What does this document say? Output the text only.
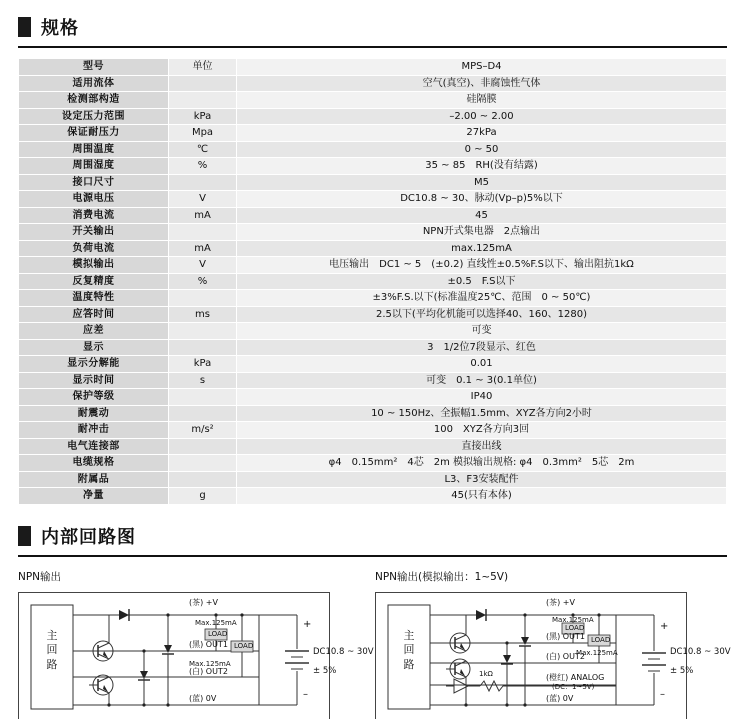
规格
型号	单位	MPS–D4
适用流体		空气(真空)、非腐蚀性气体
检测部构造		硅隔膜
设定压力范围	kPa	–2.00 ~ 2.00
保证耐压力	Mpa	27kPa
周围温度	℃	0 ~ 50
周围湿度	%	35 ~ 85　RH(没有结露)
接口尺寸		M5
电源电压	V	DC10.8 ~ 30、脉动(Vp–p)5%以下
消费电流	mA	45
开关输出		NPN开式集电器　2点输出
负荷电流	mA	max.125mA
模拟输出	V	电压输出　DC1 ~ 5　(±0.2) 直线性±0.5%F.S以下、输出阻抗1kΩ
反复精度	%	±0.5　F.S以下
温度特性		±3%F.S.以下(标准温度25℃、范围　0 ~ 50℃)
应答时间	ms	2.5以下(平均化机能可以选择40、160、1280)
应差		可变
显示		3　1/2位7段显示、红色
显示分解能	kPa	0.01
显示时间	s	可变　0.1 ~ 3(0.1单位)
保护等级		IP40
耐震动		10 ~ 150Hz、全振幅1.5mm、XYZ各方向2小时
耐冲击	m/s²	100　XYZ各方向3回
电气连接部		直接出线
电缆规格		φ4　0.15mm²　4芯　2m 模拟输出规格: φ4　0.3mm²　5芯　2m
附属品		L3、F3安装配件
净量	g	45(只有本体)
内部回路图
NPN输出
主
回
路
(茶) +V
Max.125mA
(黑) OUT1
Max.125mA
(白) OUT2
(蓝) 0V
LOAD
LOAD
+
–
DC10.8 ~ 30V
± 5%
NPN输出(模拟输出：1~5V)
主
回
路
(茶) +V
Max.125mA
(黑) OUT1
Max.125mA
(白) OUT2
(橙红) ANALOG
(DC：1~5V)
(蓝) 0V
1kΩ
LOAD
LOAD
+
–
DC10.8 ~ 30V
± 5%
